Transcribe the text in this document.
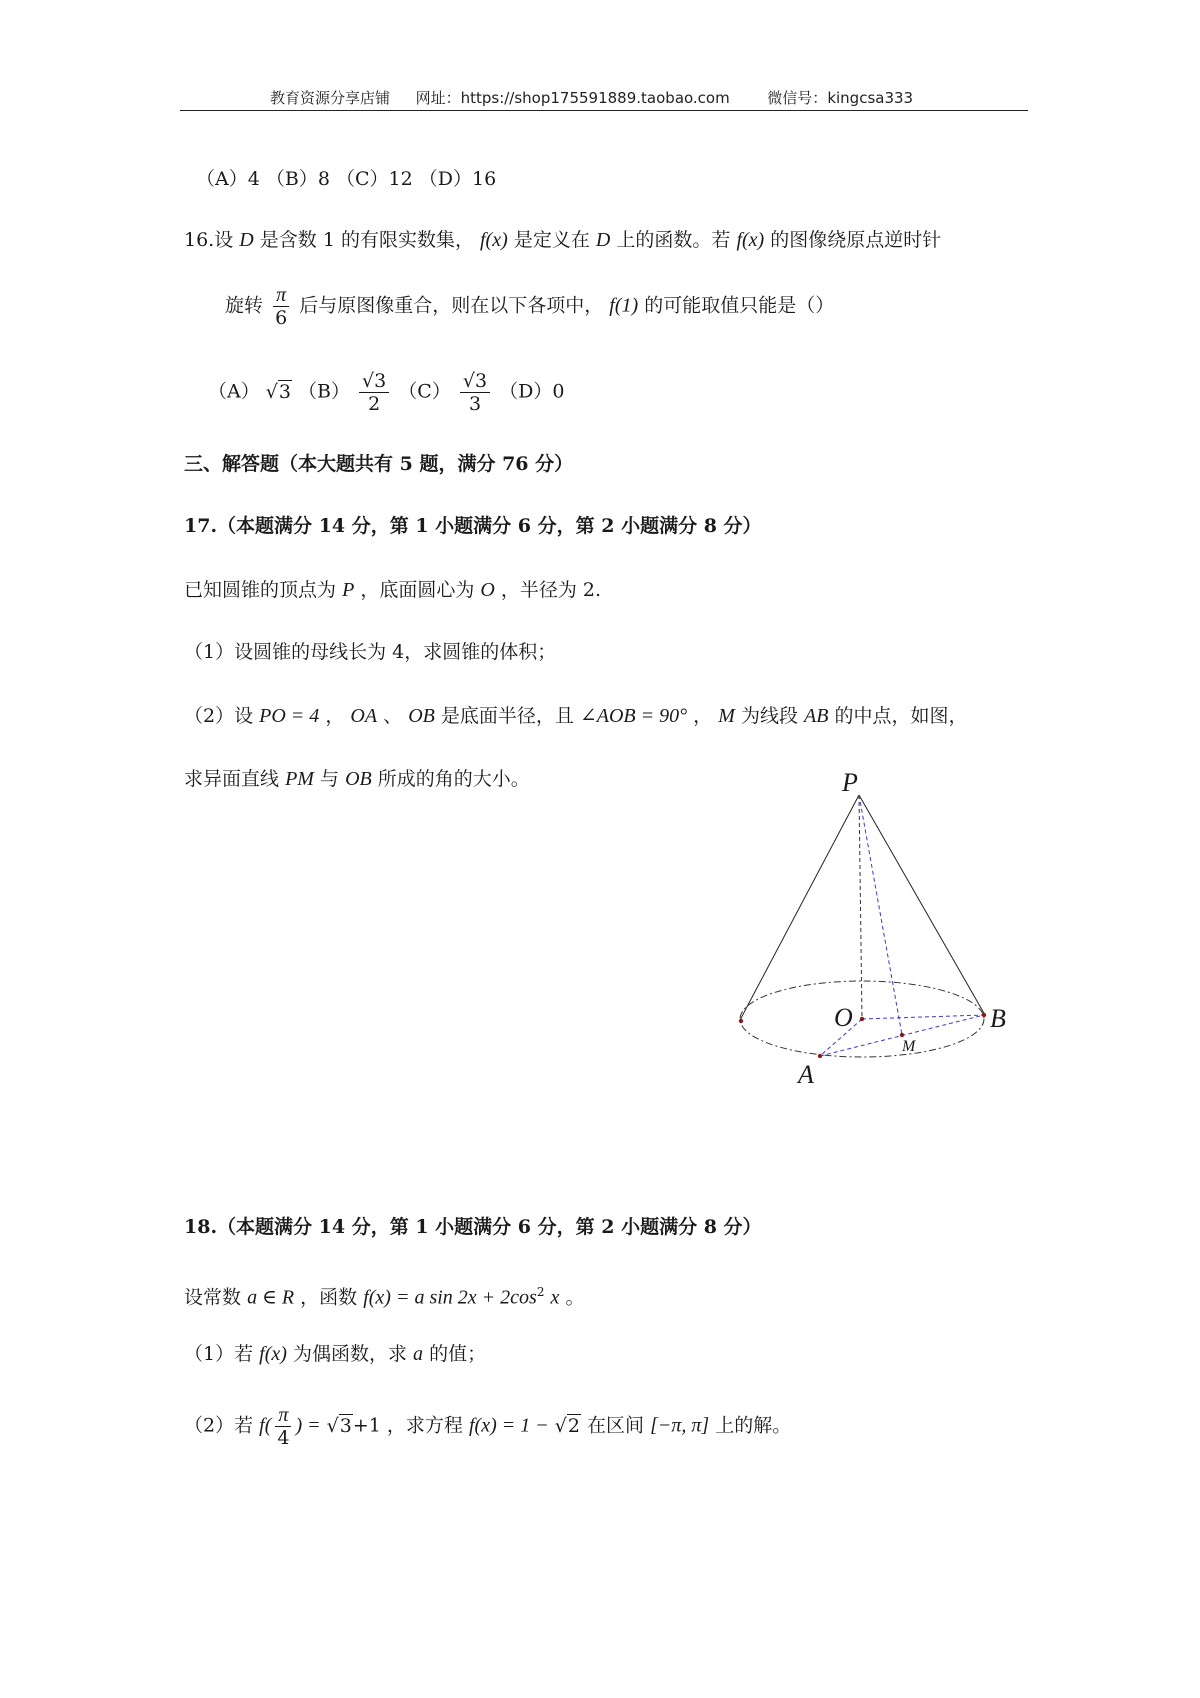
教育资源分享店铺 网址：https://shop175591889.taobao.com	微信号：kingcsa333
（A）4 （B）8 （C）12 （D）16
16.设 D 是含数 1 的有限实数集， f(x) 是定义在 D 上的函数。若 f(x) 的图像绕原点逆时针
旋转 $\frac{\pi}{6}$ 后与原图像重合，则在以下各项中， f(1) 的可能取值只能是（）
（A） √3 $(B) \frac{√3}{2} (C) \frac{√3}{3} (D)0$
三、解答题（本大题共有 5 题，满分 76 分）
17.（本题满分 14 分，第 1 小题满分 6 分，第 2 小题满分 8 分）
已知圆锥的顶点为 P ，底面圆心为 O ，半径为 2.
（1）设圆锥的母线长为 4，求圆锥的体积；
（2）设 PO = 4 ， OA 、 OB 是底面半径，且 ∠AOB = 90° ， M 为线段 AB 的中点，如图，
求异面直线 PM 与 OB 所成的角的大小。	P
O	B
A
M
18.（本题满分 14 分，第 1 小题满分 6 分，第 2 小题满分 8 分）
设常数 a ∈ R ，函数 f(x) = a $\sin 2x + 2\cos^2$ x 。
（1）若 f(x) 为偶函数，求 a 的值；
（2）若 $f( \frac{\pi}{4}$ ) = √3+1 ，求方程 f(x) = 1 − √2 在区间 [−π, π] 上的解。
